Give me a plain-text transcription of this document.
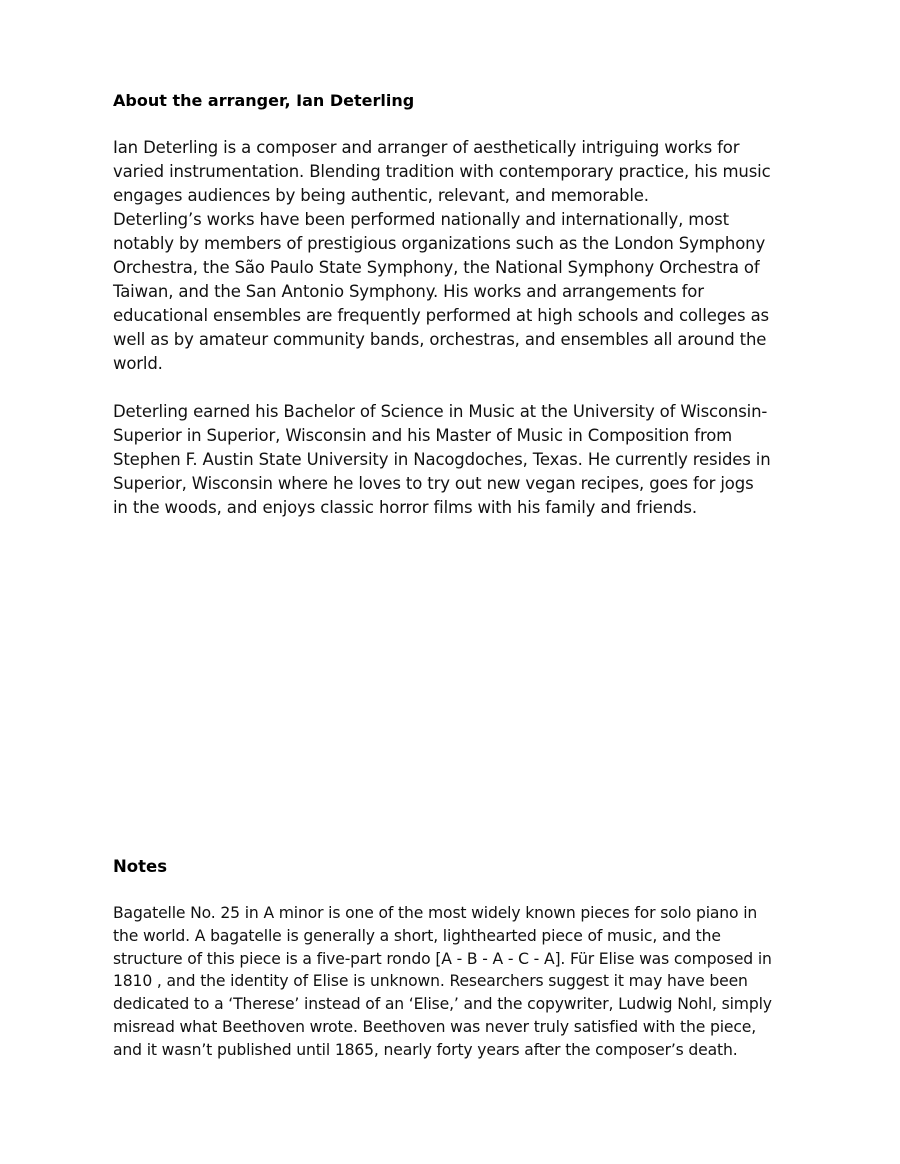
About the arranger, Ian Deterling

Ian Deterling is a composer and arranger of aesthetically intriguing works for varied instrumentation. Blending tradition with contemporary practice, his music engages audiences by being authentic, relevant, and memorable.

Deterling’s works have been performed nationally and internationally, most notably by members of prestigious organizations such as the London Symphony Orchestra, the São Paulo State Symphony, the National Symphony Orchestra of Taiwan, and the San Antonio Symphony. His works and arrangements for educational ensembles are frequently performed at high schools and colleges as well as by amateur community bands, orchestras, and ensembles all around the world.

Deterling earned his Bachelor of Science in Music at the University of Wisconsin-Superior in Superior, Wisconsin and his Master of Music in Composition from Stephen F. Austin State University in Nacogdoches, Texas. He currently resides in Superior, Wisconsin where he loves to try out new vegan recipes, goes for jogs in the woods, and enjoys classic horror films with his family and friends.

Notes

Bagatelle No. 25 in A minor is one of the most widely known pieces for solo piano in the world. A bagatelle is generally a short, lighthearted piece of music, and the structure of this piece is a five-part rondo [A - B - A - C - A]. Für Elise was composed in 1810 , and the identity of Elise is unknown. Researchers suggest it may have been dedicated to a ‘Therese’ instead of an ‘Elise,’ and the copywriter, Ludwig Nohl, simply misread what Beethoven wrote. Beethoven was never truly satisfied with the piece, and it wasn’t published until 1865, nearly forty years after the composer’s death.
